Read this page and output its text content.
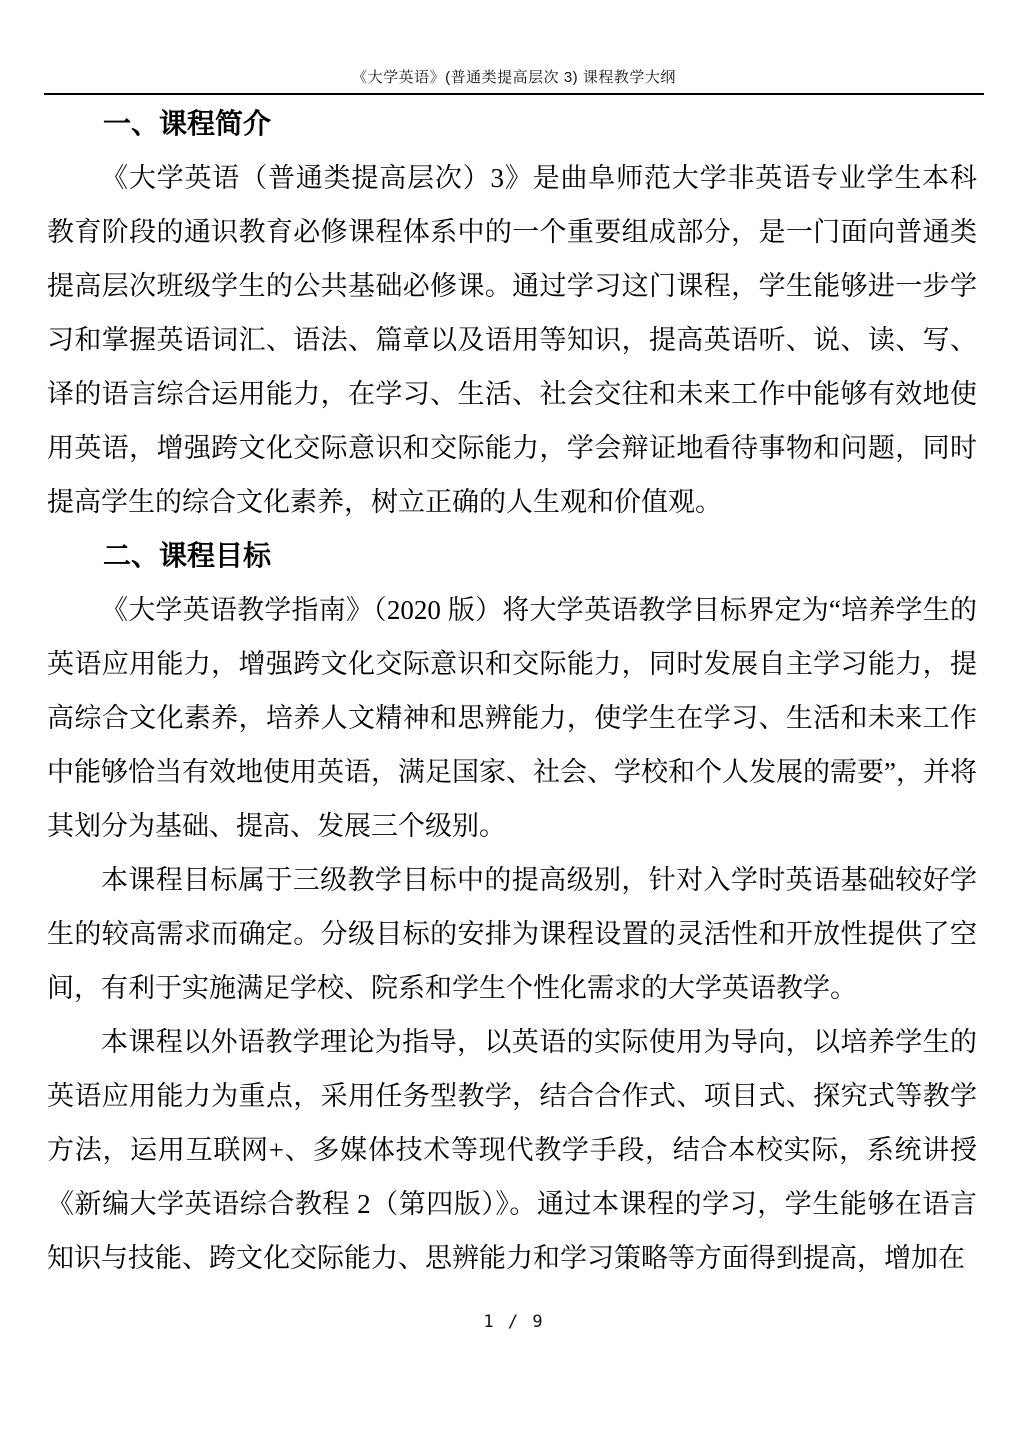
《大学英语》(普通类提高层次 3) 课程教学大纲
一、课程简介

《大学英语（普通类提高层次）3》是曲阜师范大学非英语专业学生本科教育阶段的通识教育必修课程体系中的一个重要组成部分，是一门面向普通类提高层次班级学生的公共基础必修课。通过学习这门课程，学生能够进一步学习和掌握英语词汇、语法、篇章以及语用等知识，提高英语听、说、读、写、译的语言综合运用能力，在学习、生活、社会交往和未来工作中能够有效地使用英语，增强跨文化交际意识和交际能力，学会辩证地看待事物和问题，同时提高学生的综合文化素养，树立正确的人生观和价值观。

二、课程目标

《大学英语教学指南》（2020 版）将大学英语教学目标界定为“培养学生的英语应用能力，增强跨文化交际意识和交际能力，同时发展自主学习能力，提高综合文化素养，培养人文精神和思辨能力，使学生在学习、生活和未来工作中能够恰当有效地使用英语，满足国家、社会、学校和个人发展的需要”，并将其划分为基础、提高、发展三个级别。

本课程目标属于三级教学目标中的提高级别，针对入学时英语基础较好学生的较高需求而确定。分级目标的安排为课程设置的灵活性和开放性提供了空间，有利于实施满足学校、院系和学生个性化需求的大学英语教学。

本课程以外语教学理论为指导，以英语的实际使用为导向，以培养学生的英语应用能力为重点，采用任务型教学，结合合作式、项目式、探究式等教学方法，运用互联网+、多媒体技术等现代教学手段，结合本校实际，系统讲授《新编大学英语综合教程 2（第四版）》。通过本课程的学习，学生能够在语言知识与技能、跨文化交际能力、思辨能力和学习策略等方面得到提高，增加在

1 / 9
